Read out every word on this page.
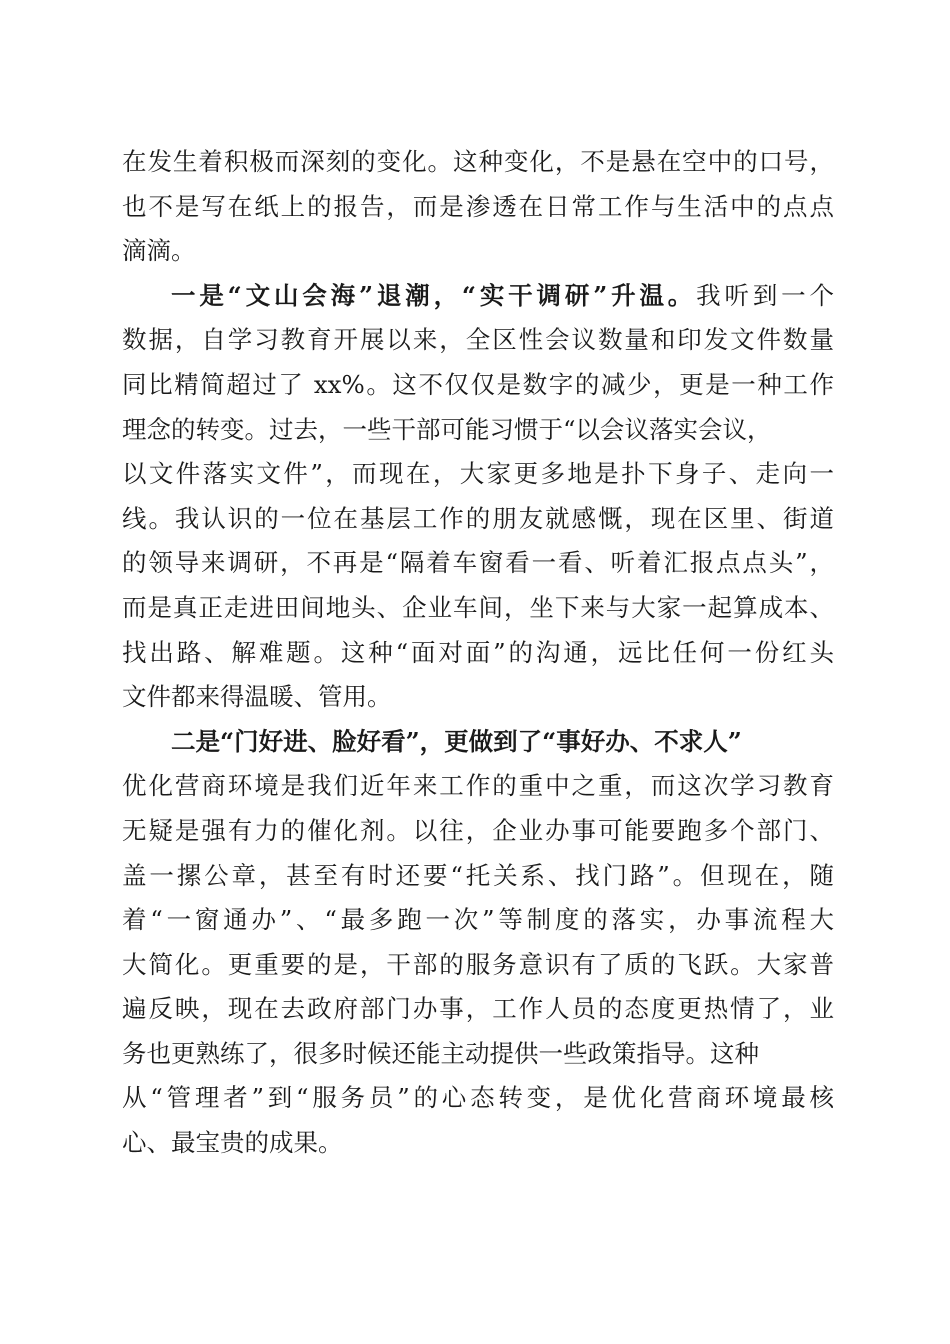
在发生着积极而深刻的变化。这种变化，不是悬在空中的口号，
也不是写在纸上的报告，而是渗透在日常工作与生活中的点点
滴滴。
一是“文山会海”退潮，“实干调研”升温。我听到一个
数据，自学习教育开展以来，全区性会议数量和印发文件数量
同比精简超过了 xx%。这不仅仅是数字的减少，更是一种工作
理念的转变。过去，一些干部可能习惯于“以会议落实会议，
以文件落实文件”，而现在，大家更多地是扑下身子、走向一
线。我认识的一位在基层工作的朋友就感慨，现在区里、街道
的领导来调研，不再是“隔着车窗看一看、听着汇报点点头”，
而是真正走进田间地头、企业车间，坐下来与大家一起算成本、
找出路、解难题。这种“面对面”的沟通，远比任何一份红头
文件都来得温暖、管用。
二是“门好进、脸好看”，更做到了“事好办、不求人”
优化营商环境是我们近年来工作的重中之重，而这次学习教育
无疑是强有力的催化剂。以往，企业办事可能要跑多个部门、
盖一摞公章，甚至有时还要“托关系、找门路”。但现在，随
着“一窗通办”、“最多跑一次”等制度的落实，办事流程大
大简化。更重要的是，干部的服务意识有了质的飞跃。大家普
遍反映，现在去政府部门办事，工作人员的态度更热情了，业
务也更熟练了，很多时候还能主动提供一些政策指导。这种
从“管理者”到“服务员”的心态转变，是优化营商环境最核
心、最宝贵的成果。
